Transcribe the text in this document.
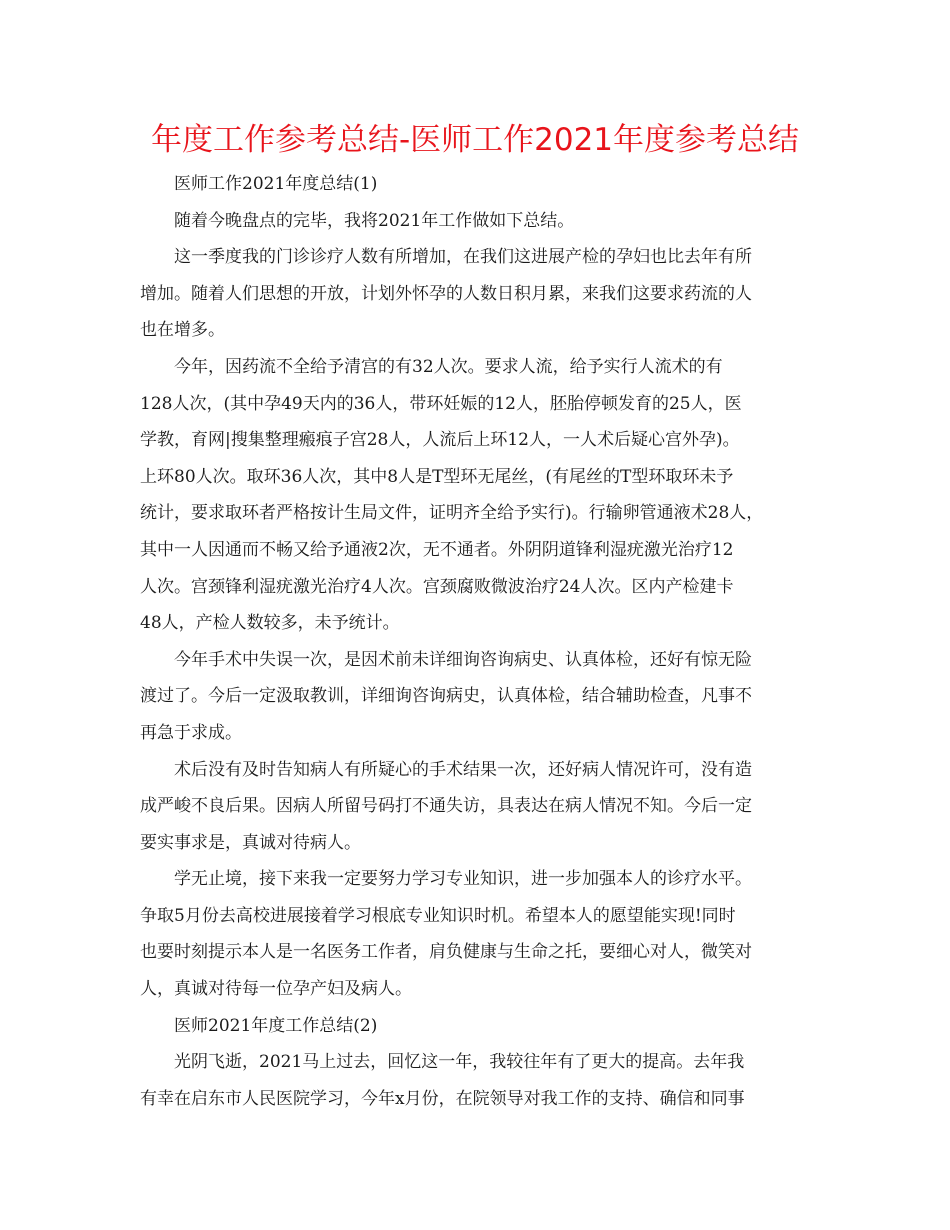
年度工作参考总结-医师工作2021年度参考总结
医师工作2021年度总结(1)
随着今晚盘点的完毕，我将2021年工作做如下总结。
这一季度我的门诊诊疗人数有所增加，在我们这进展产检的孕妇也比去年有所
增加。随着人们思想的开放，计划外怀孕的人数日积月累，来我们这要求药流的人
也在增多。
今年，因药流不全给予清宫的有32人次。要求人流，给予实行人流术的有
128人次，(其中孕49天内的36人，带环妊娠的12人，胚胎停顿发育的25人，医
学教，育网|搜集整理瘢痕子宫28人，人流后上环12人，一人术后疑心宫外孕)。
上环80人次。取环36人次，其中8人是T型环无尾丝，(有尾丝的T型环取环未予
统计，要求取环者严格按计生局文件，证明齐全给予实行)。行输卵管通液术28人，
其中一人因通而不畅又给予通液2次，无不通者。外阴阴道锋利湿疣激光治疗12
人次。宫颈锋利湿疣激光治疗4人次。宫颈腐败微波治疗24人次。区内产检建卡
48人，产检人数较多，未予统计。
今年手术中失误一次，是因术前未详细询咨询病史、认真体检，还好有惊无险
渡过了。今后一定汲取教训，详细询咨询病史，认真体检，结合辅助检查，凡事不
再急于求成。
术后没有及时告知病人有所疑心的手术结果一次，还好病人情况许可，没有造
成严峻不良后果。因病人所留号码打不通失访，具表达在病人情况不知。今后一定
要实事求是，真诚对待病人。
学无止境，接下来我一定要努力学习专业知识，进一步加强本人的诊疗水平。
争取5月份去高校进展接着学习根底专业知识时机。希望本人的愿望能实现!同时
也要时刻提示本人是一名医务工作者，肩负健康与生命之托，要细心对人，微笑对
人，真诚对待每一位孕产妇及病人。
医师2021年度工作总结(2)
光阴飞逝，2021马上过去，回忆这一年，我较往年有了更大的提高。去年我
有幸在启东市人民医院学习，今年x月份，在院领导对我工作的支持、确信和同事
